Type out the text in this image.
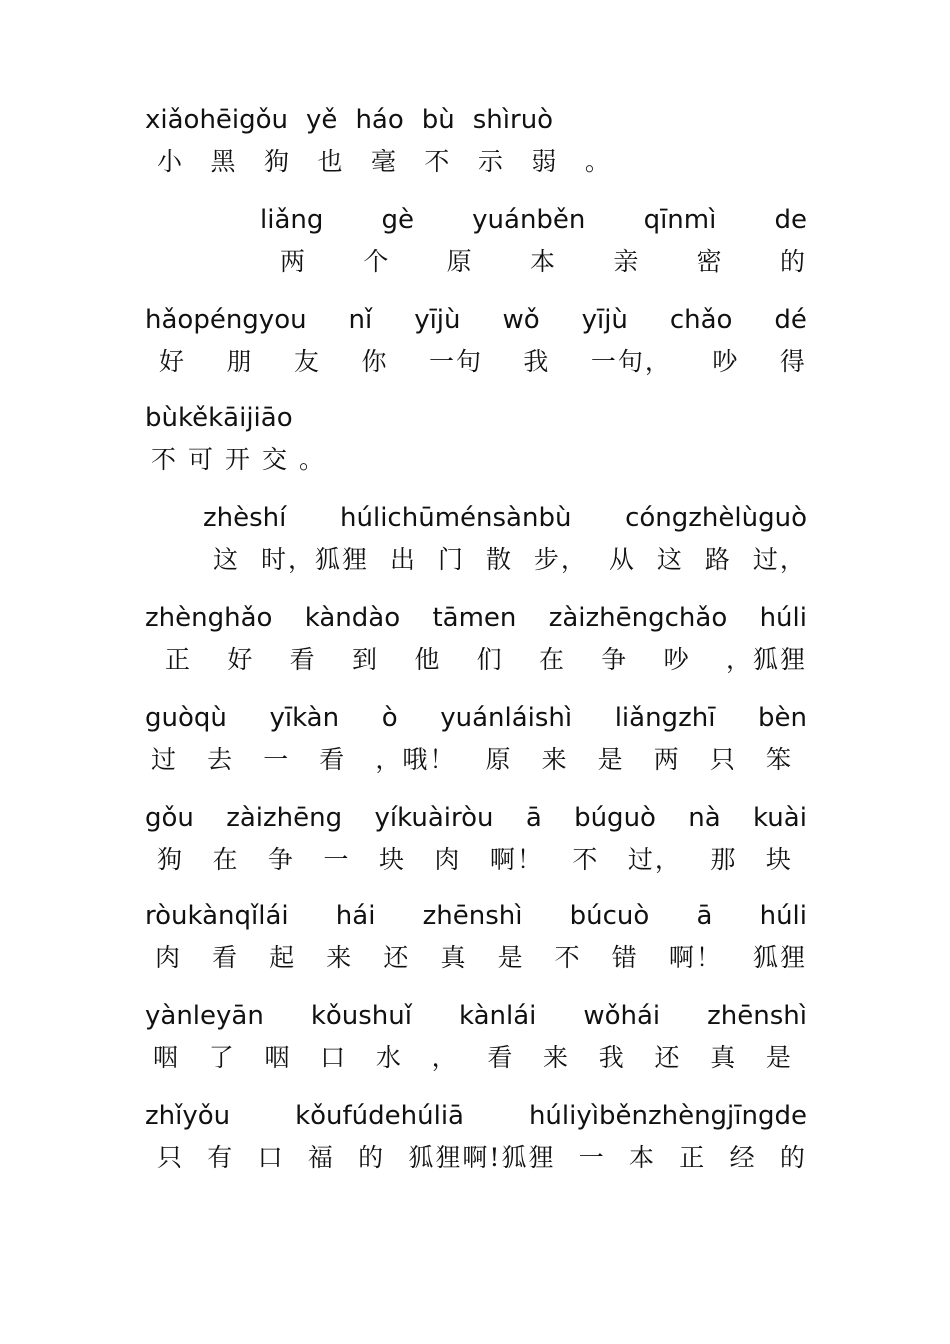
xiǎohēigǒu yě háo bù shìruò
小 黑 狗 也 毫 不 示 弱 。
liǎng gè yuánběn qīnmì de
两 个 原 本 亲 密 的
hǎopéngyou nǐ yījù wǒ yījù chǎo dé
好 朋 友 你 一句 我 一句， 吵 得
bùkěkāijiāo
不 可 开 交 。
zhèshí húlichūménsànbù cóngzhèlùguò
这 时，狐狸 出 门 散 步， 从 这 路 过，
zhènghǎo kàndào tāmen zàizhēngchǎo húli
正 好 看 到 他 们 在 争 吵 ，狐狸
guòqù yīkàn ò yuánláishì liǎngzhī bèn
过 去 一 看 ，哦！ 原 来 是 两 只 笨
gǒu zàizhēng yíkuàiròu ā búguò nà kuài
狗 在 争 一 块 肉 啊！ 不 过， 那 块
ròukànqǐlái hái zhēnshì búcuò ā húli
肉 看 起 来 还 真 是 不 错 啊！ 狐狸
yànleyān kǒushuǐ kànlái wǒhái zhēnshì
咽 了 咽 口 水 ， 看 来 我 还 真 是
zhǐyǒu kǒufúdehúliā húliyìběnzhèngjīngde
只 有 口 福 的 狐狸啊!狐狸 一 本 正 经 的
